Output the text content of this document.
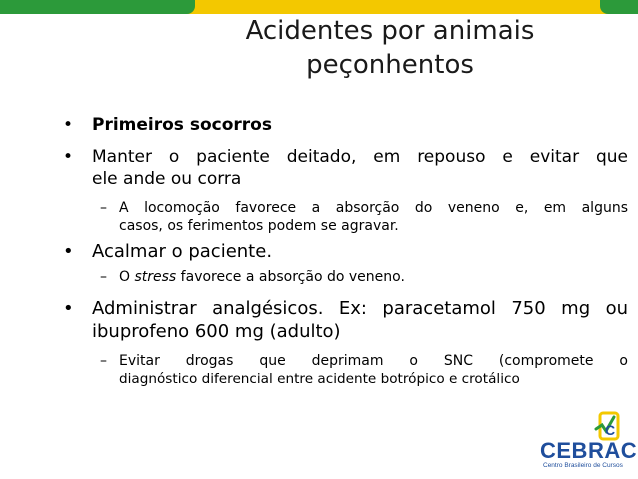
Acidentes por animais
peçonhentos
• Primeiros socorros
• Manter o paciente deitado, em repouso e evitar que
ele ande ou corra
– A locomoção favorece a absorção do veneno e, em alguns
casos, os ferimentos podem se agravar.
• Acalmar o paciente.
– O stress favorece a absorção do veneno.
• Administrar analgésicos. Ex: paracetamol 750 mg ou
ibuprofeno 600 mg (adulto)
– Evitar drogas que deprimam o SNC (compromete o
diagnóstico diferencial entre acidente botrópico e crotálico
C
CEBRAC
Centro Brasileiro de Cursos
